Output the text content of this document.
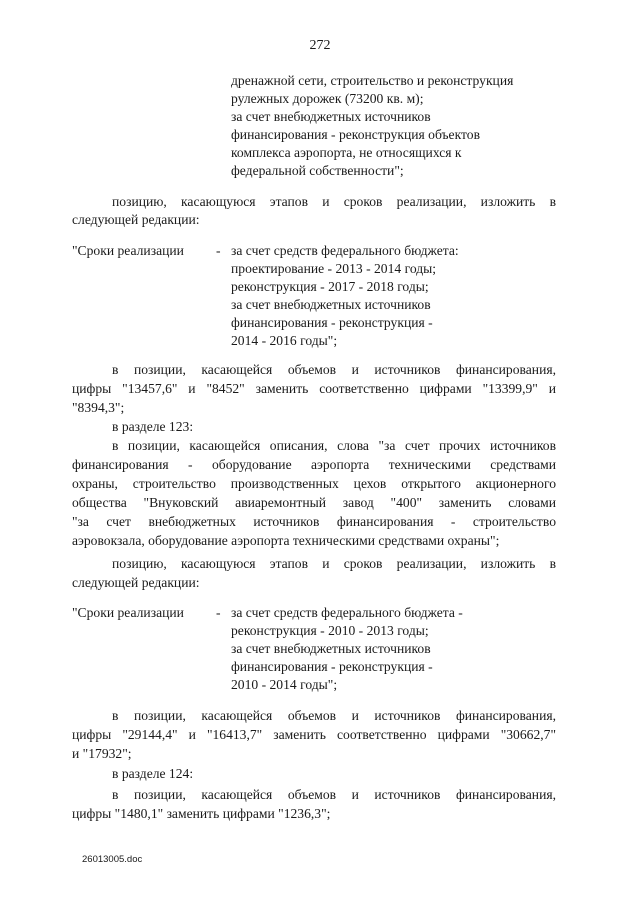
272
дренажной сети, строительство и реконструкция
рулежных дорожек (73200 кв. м);
за счет внебюджетных источников
финансирования - реконструкция объектов
комплекса аэропорта, не относящихся к
федеральной собственности";
позицию, касающуюся этапов и сроков реализации, изложить в
следующей редакции:
"Сроки реализации - за счет средств федерального бюджета:
проектирование - 2013 - 2014 годы;
реконструкция - 2017 - 2018 годы;
за счет внебюджетных источников
финансирования - реконструкция -
2014 - 2016 годы";
в позиции, касающейся объемов и источников финансирования,
цифры "13457,6" и "8452" заменить соответственно цифрами "13399,9" и
"8394,3";
в разделе 123:
в позиции, касающейся описания, слова "за счет прочих источников
финансирования - оборудование аэропорта техническими средствами
охраны, строительство производственных цехов открытого акционерного
общества "Внуковский авиаремонтный завод "400" заменить словами
"за счет внебюджетных источников финансирования - строительство
аэровокзала, оборудование аэропорта техническими средствами охраны";
позицию, касающуюся этапов и сроков реализации, изложить в
следующей редакции:
"Сроки реализации - за счет средств федерального бюджета -
реконструкция - 2010 - 2013 годы;
за счет внебюджетных источников
финансирования - реконструкция -
2010 - 2014 годы";
в позиции, касающейся объемов и источников финансирования,
цифры "29144,4" и "16413,7" заменить соответственно цифрами "30662,7"
и "17932";
в разделе 124:
в позиции, касающейся объемов и источников финансирования,
цифры "1480,1" заменить цифрами "1236,3";
26013005.doc
